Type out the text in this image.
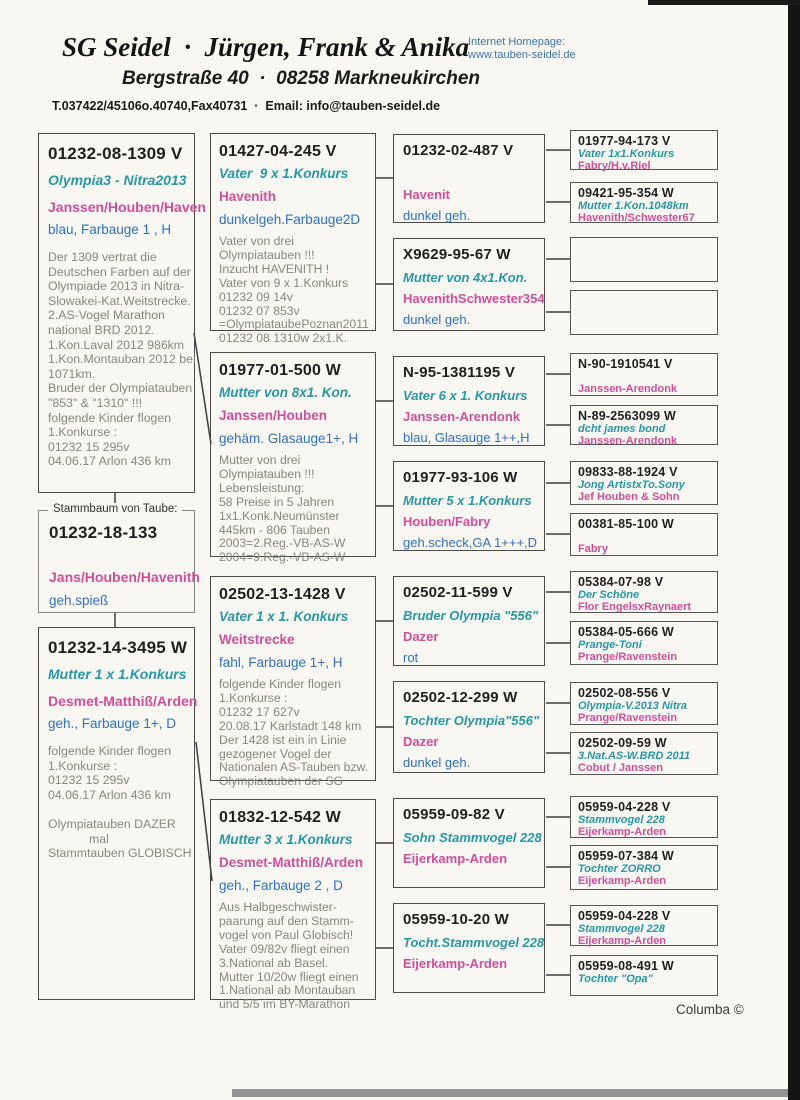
SG Seidel  ·  Jürgen, Frank & Anika
Internet Homepage:
www.tauben-seidel.de
Bergstraße 40  ·  08258 Markneukirchen
T.037422/45106o.40740,Fax40731  ·  Email: info@tauben-seidel.de
01232-08-1309 V
Olympia3 - Nitra2013
Janssen/Houben/Haven
blau, Farbauge 1 , H
Der 1309 vertrat die
Deutschen Farben auf der
Olympiade 2013 in Nitra-
Slowakei-Kat.Weitstrecke.
2.AS-Vogel Marathon
national BRD 2012.
1.Kon.Laval 2012 986km
1.Kon.Montauban 2012 bei
1071km.
Bruder der Olympiatauben
"853" & "1310" !!!
folgende Kinder flogen
1.Konkurse :
01232 15 295v
04.06.17 Arlon 436 km
Stammbaum von Taube:
01232-18-133
Jans/Houben/Havenith
geh.spieß
01232-14-3495 W
Mutter 1 x 1.Konkurs
Desmet-Matthiß/Arden
geh., Farbauge 1+, D
folgende Kinder flogen
1.Konkurse :
01232 15 295v
04.06.17 Arlon 436 km
Olympiatauben DAZER
mal
Stammtauben GLOBISCH
01427-04-245 V
Vater  9 x 1.Konkurs
Havenith
dunkelgeh.Farbauge2D
Vater von drei
Olympiatauben !!!
Inzucht HAVENITH !
Vater von 9 x 1.Konkurs
01232 09 14v
01232 07 853v
=OlympiataubePoznan2011
01232 08 1310w 2x1.K.
01977-01-500 W
Mutter von 8x1. Kon.
Janssen/Houben
gehäm. Glasauge1+, H
Mutter von drei
Olympiatauben !!!
Lebensleistung:
58 Preise in 5 Jahren
1x1.Konk.Neumünster
445km - 806 Tauben
2003=2.Reg.-VB-AS-W
2004=9.Reg.-VB-AS-W
02502-13-1428 V
Vater 1 x 1. Konkurs
Weitstrecke
fahl, Farbauge 1+, H
folgende Kinder flogen
1.Konkurse :
01232 17 627v
20.08.17 Karlstadt 148 km
Der 1428 ist ein in Linie
gezogener Vogel der
Nationalen AS-Tauben bzw.
Olympiatauben der SG
01832-12-542 W
Mutter 3 x 1.Konkurs
Desmet-Matthiß/Arden
geh., Farbauge 2 , D
Aus Halbgeschwister-
paarung auf den Stamm-
vogel von Paul Globisch!
Vater 09/82v fliegt einen
3.National ab Basel.
Mutter 10/20w fliegt einen
1.National ab Montauban
und 5/5 im BY-Marathon
01232-02-487 V
Havenit
dunkel geh.
X9629-95-67 W
Mutter von 4x1.Kon.
HavenithSchwester354
dunkel geh.
N-95-1381195 V
Vater 6 x 1. Konkurs
Janssen-Arendonk
blau, Glasauge 1++,H
01977-93-106 W
Mutter 5 x 1.Konkurs
Houben/Fabry
geh.scheck,GA 1+++,D
02502-11-599 V
Bruder Olympia "556"
Dazer
rot
02502-12-299 W
Tochter Olympia"556"
Dazer
dunkel geh.
05959-09-82 V
Sohn Stammvogel 228
Eijerkamp-Arden
05959-10-20 W
Tocht.Stammvogel 228
Eijerkamp-Arden
01977-94-173 V
Vater 1x1.Konkurs
Fabry/H.v.Riel
09421-95-354 W
Mutter 1.Kon.1048km
Havenith/Schwester67
N-90-1910541 V
Janssen-Arendonk
N-89-2563099 W
dcht james bond
Janssen-Arendonk
09833-88-1924 V
Jong ArtistxTo.Sony
Jef Houben & Sohn
00381-85-100 W
Fabry
05384-07-98 V
Der Schöne
Flor EngelsxRaynaert
05384-05-666 W
Prange-Toni
Prange/Ravenstein
02502-08-556 V
Olympia-V.2013 Nitra
Prange/Ravenstein
02502-09-59 W
3.Nat.AS-W.BRD 2011
Cobut / Janssen
05959-04-228 V
Stammvogel 228
Eijerkamp-Arden
05959-07-384 W
Tochter ZORRO
Eijerkamp-Arden
05959-04-228 V
Stammvogel 228
Eijerkamp-Arden
05959-08-491 W
Tochter "Opa"
Columba ©
